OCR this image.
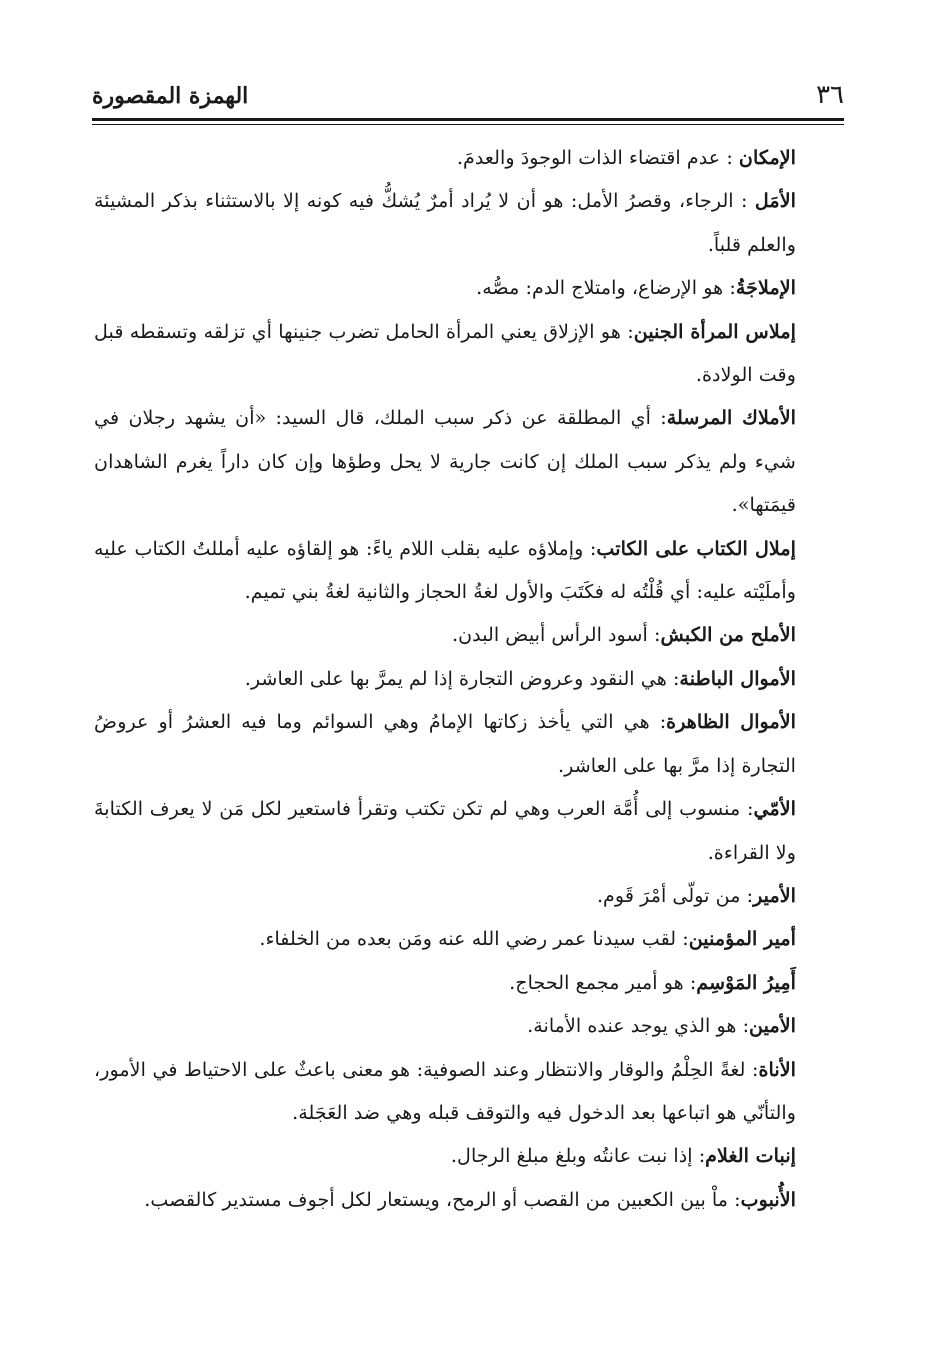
٣٦
الهمزة المقصورة

الإمكان : عدم اقتضاء الذات الوجودَ والعدمَ.

الأمَل : الرجاء، وقصرُ الأمل: هو أن لا يُراد أمرٌ يُشكُّ فيه كونه إلا بالاستثناء بذكر المشيئة والعلم قلباً.

الإملاجَةُ: هو الإرضاع، وامتلاج الدم: مصُّه.

إملاس المرأة الجنين: هو الإزلاق يعني المرأة الحامل تضرب جنينها أي تزلقه وتسقطه قبل وقت الولادة.

الأملاك المرسلة: أي المطلقة عن ذكر سبب الملك، قال السيد: «أن يشهد رجلان في شيء ولم يذكر سبب الملك إن كانت جارية لا يحل وطؤها وإن كان داراً يغرم الشاهدان قيمَتها».

إملال الكتاب على الكاتب: وإملاؤه عليه بقلب اللام ياءً: هو إلقاؤه عليه أمللتُ الكتاب عليه وأملَيْته عليه: أي قُلْتُه له فكَتَبَ والأول لغةُ الحجاز والثانية لغةُ بني تميم.

الأملح من الكبش: أسود الرأس أبيض البدن.

الأموال الباطنة: هي النقود وعروض التجارة إذا لم يمرَّ بها على العاشر.

الأموال الظاهرة: هي التي يأخذ زكاتها الإمامُ وهي السوائم وما فيه العشرُ أو عروضُ التجارة إذا مرَّ بها على العاشر.

الأمّي: منسوب إلى أُمَّة العرب وهي لم تكن تكتب وتقرأ فاستعير لكل مَن لا يعرف الكتابةَ ولا القراءة.

الأمير: من تولّى أمْرَ قَوم.

أمير المؤمنين: لقب سيدنا عمر رضي الله عنه ومَن بعده من الخلفاء.

أَمِيرُ المَوْسِم: هو أمير مجمع الحجاج.

الأمين: هو الذي يوجد عنده الأمانة.

الأناة: لغةً الحِلْمُ والوقار والانتظار وعند الصوفية: هو معنى باعثٌ على الاحتياط في الأمور، والتأنّي هو اتباعها بعد الدخول فيه والتوقف قبله وهي ضد العَجَلة.

إنبات الغلام: إذا نبت عانتُه وبلغ مبلغ الرجال.

الأُنبوب: ماْ بين الكعبين من القصب أو الرمح، ويستعار لكل أجوف مستدير كالقصب.
